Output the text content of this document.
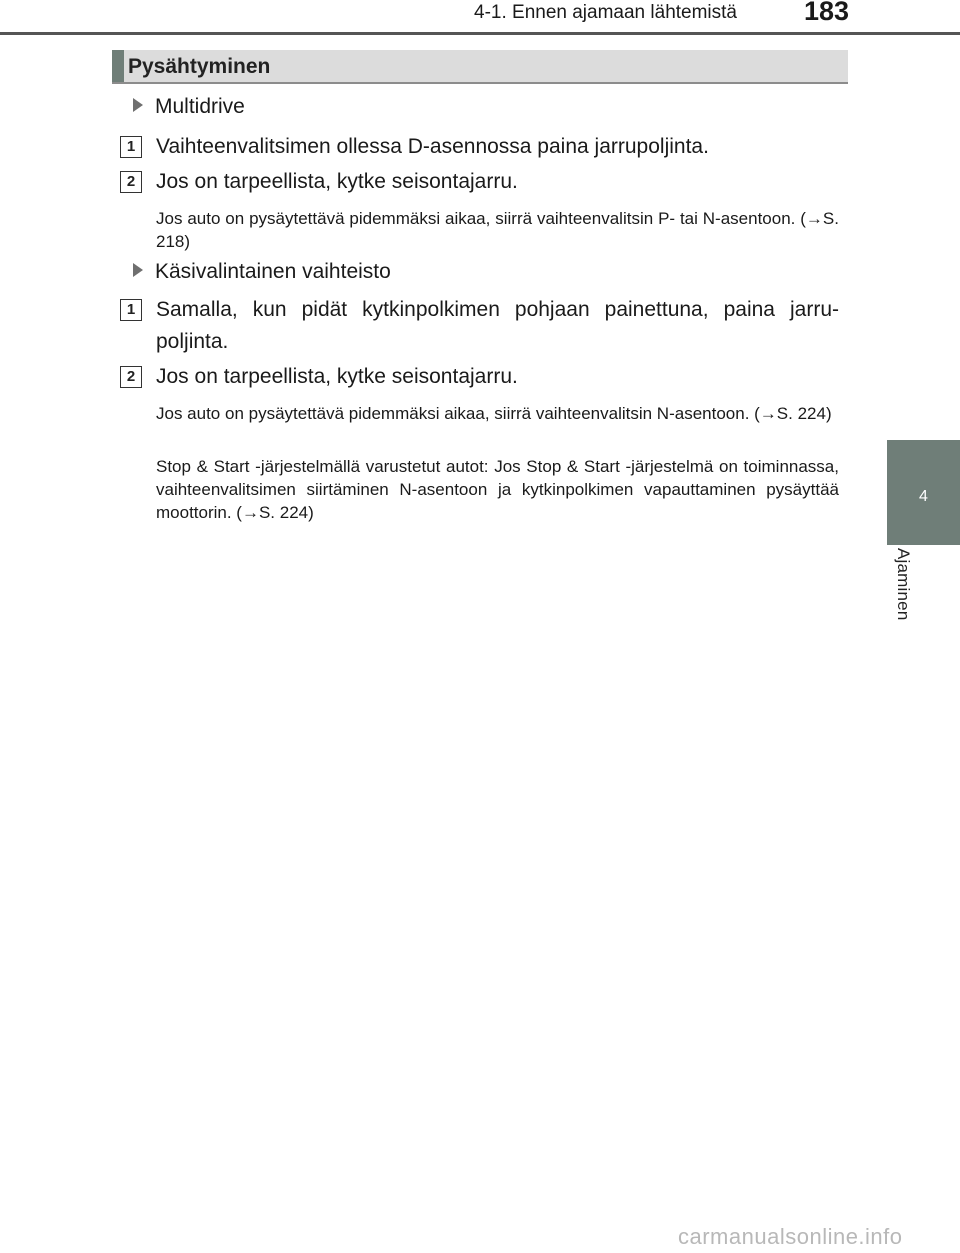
4-1. Ennen ajamaan lähtemistä 183
4
Ajaminen
Pysähtyminen
Multidrive
1 Vaihteenvalitsimen ollessa D-asennossa paina jarrupoljinta.
2 Jos on tarpeellista, kytke seisontajarru.
Jos auto on pysäytettävä pidemmäksi aikaa, siirrä vaihteenvalitsin P- tai N-asentoon. (→S. 218)
Käsivalintainen vaihteisto
1 Samalla, kun pidät kytkinpolkimen pohjaan painettuna, paina jarrupoljinta.
2 Jos on tarpeellista, kytke seisontajarru.
Jos auto on pysäytettävä pidemmäksi aikaa, siirrä vaihteenvalitsin N-asentoon. (→S. 224)
Stop & Start -järjestelmällä varustetut autot: Jos Stop & Start -järjestelmä on toiminnassa, vaihteenvalitsimen siirtäminen N-asentoon ja kytkinpolkimen vapauttaminen pysäyttää moottorin. (→S. 224)
carmanualsonline.info
